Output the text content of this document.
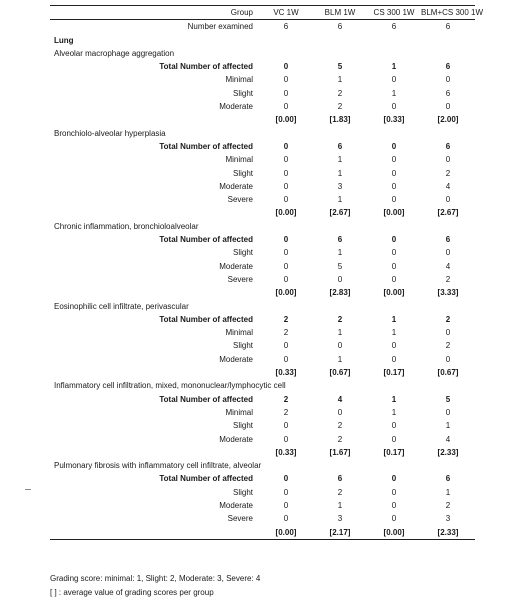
Group	VC 1W	BLM 1W	CS 300 1W	BLM+CS 300 1W
Number examined	6	6	6	6
Lung				
Alveolar macrophage aggregation				
Total Number of affected	0	5	1	6
Minimal	0	1	0	0
Slight	0	2	1	6
Moderate	0	2	0	0
	[0.00]	[1.83]	[0.33]	[2.00]
Bronchiolo-alveolar hyperplasia				
Total Number of affected	0	6	0	6
Minimal	0	1	0	0
Slight	0	1	0	2
Moderate	0	3	0	4
Severe	0	1	0	0
	[0.00]	[2.67]	[0.00]	[2.67]
Chronic inflammation, bronchioloalveolar				
Total Number of affected	0	6	0	6
Slight	0	1	0	0
Moderate	0	5	0	4
Severe	0	0	0	2
	[0.00]	[2.83]	[0.00]	[3.33]
Eosinophilic cell infiltrate, perivascular				
Total Number of affected	2	2	1	2
Minimal	2	1	1	0
Slight	0	0	0	2
Moderate	0	1	0	0
	[0.33]	[0.67]	[0.17]	[0.67]
Inflammatory cell infiltration, mixed, mononuclear/lymphocytic cell				
Total Number of affected	2	4	1	5
Minimal	2	0	1	0
Slight	0	2	0	1
Moderate	0	2	0	4
	[0.33]	[1.67]	[0.17]	[2.33]
Pulmonary fibrosis with inflammatory cell infiltrate, alveolar				
Total Number of affected	0	6	0	6
Slight	0	2	0	1
Moderate	0	1	0	2
Severe	0	3	0	3
	[0.00]	[2.17]	[0.00]	[2.33]
Grading score: minimal: 1, Slight: 2, Moderate: 3, Severe: 4
[ ] : average value of grading scores per group
